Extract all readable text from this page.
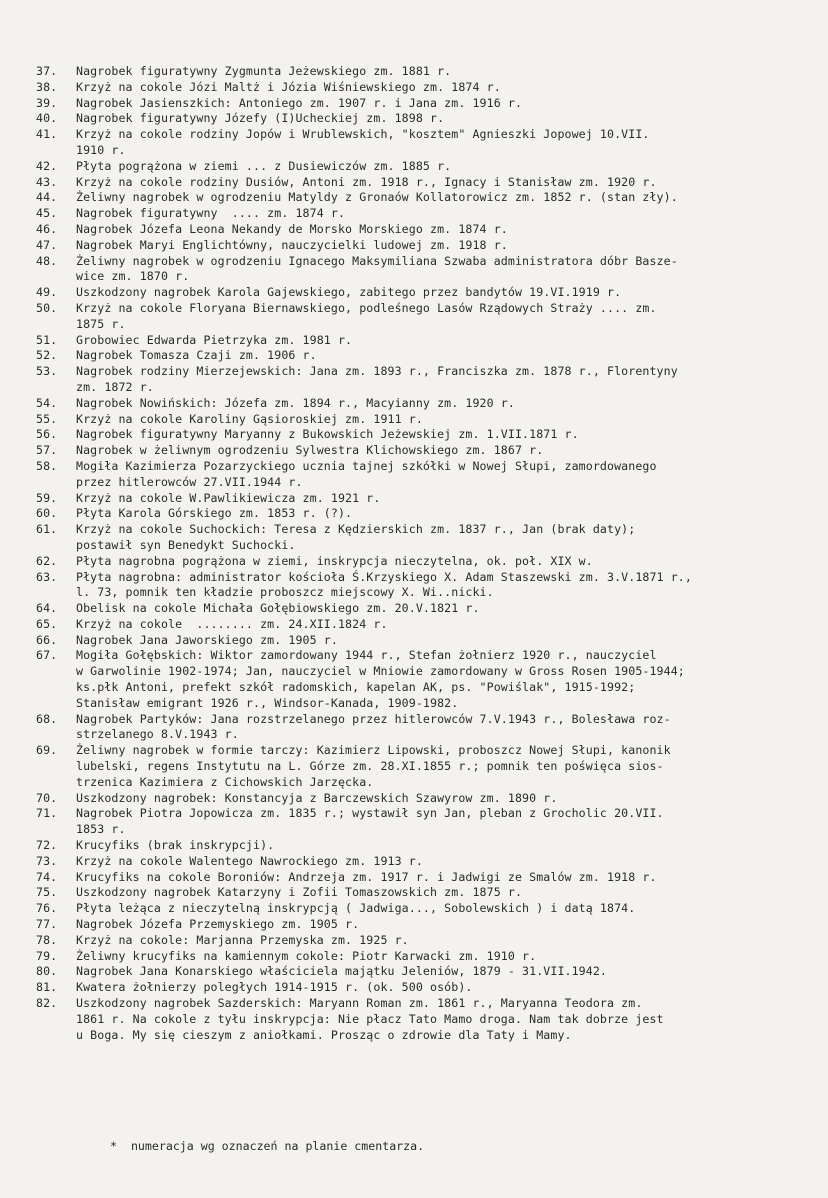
37.	Nagrobek figuratywny Zygmunta Jeżewskiego zm. 1881 r.
38.	Krzyż na cokole Józi Maltż i Józia Wiśniewskiego zm. 1874 r.
39.	Nagrobek Jasienszkich: Antoniego zm. 1907 r. i Jana zm. 1916 r.
40.	Nagrobek figuratywny Józefy (I)Ucheckiej zm. 1898 r.
41.	Krzyż na cokole rodziny Jopów i Wrublewskich, "kosztem" Agnieszki Jopowej 10.VII.
1910 r.
42.	Płyta pogrążona w ziemi ... z Dusiewiczów zm. 1885 r.
43.	Krzyż na cokole rodziny Dusiów, Antoni zm. 1918 r., Ignacy i Stanisław zm. 1920 r.
44.	Żeliwny nagrobek w ogrodzeniu Matyldy z Gronaów Kollatorowicz zm. 1852 r. (stan zły).
45.	Nagrobek figuratywny  .... zm. 1874 r.
46.	Nagrobek Józefa Leona Nekandy de Morsko Morskiego zm. 1874 r.
47.	Nagrobek Maryi Englichtówny, nauczycielki ludowej zm. 1918 r.
48.	Żeliwny nagrobek w ogrodzeniu Ignacego Maksymiliana Szwaba administratora dóbr Basze-
wice zm. 1870 r.
49.	Uszkodzony nagrobek Karola Gajewskiego, zabitego przez bandytów 19.VI.1919 r.
50.	Krzyż na cokole Floryana Biernawskiego, podleśnego Lasów Rządowych Straży .... zm.
1875 r.
51.	Grobowiec Edwarda Pietrzyka zm. 1981 r.
52.	Nagrobek Tomasza Czaji zm. 1906 r.
53.	Nagrobek rodziny Mierzejewskich: Jana zm. 1893 r., Franciszka zm. 1878 r., Florentyny
zm. 1872 r.
54.	Nagrobek Nowińskich: Józefa zm. 1894 r., Macyianny zm. 1920 r.
55.	Krzyż na cokole Karoliny Gąsioroskiej zm. 1911 r.
56.	Nagrobek figuratywny Maryanny z Bukowskich Jeżewskiej zm. 1.VII.1871 r.
57.	Nagrobek w żeliwnym ogrodzeniu Sylwestra Klichowskiego zm. 1867 r.
58.	Mogiła Kazimierza Pozarzyckiego ucznia tajnej szkółki w Nowej Słupi, zamordowanego
przez hitlerowców 27.VII.1944 r.
59.	Krzyż na cokole W.Pawlikiewicza zm. 1921 r.
60.	Płyta Karola Górskiego zm. 1853 r. (?).
61.	Krzyż na cokole Suchockich: Teresa z Kędzierskich zm. 1837 r., Jan (brak daty);
postawił syn Benedykt Suchocki.
62.	Płyta nagrobna pogrążona w ziemi, inskrypcja nieczytelna, ok. poł. XIX w.
63.	Płyta nagrobna: administrator kościoła Ś.Krzyskiego X. Adam Staszewski zm. 3.V.1871 r.,
l. 73, pomnik ten kładzie proboszcz miejscowy X. Wi..nicki.
64.	Obelisk na cokole Michała Gołębiowskiego zm. 20.V.1821 r.
65.	Krzyż na cokole  ........ zm. 24.XII.1824 r.
66.	Nagrobek Jana Jaworskiego zm. 1905 r.
67.	Mogiła Gołębskich: Wiktor zamordowany 1944 r., Stefan żołnierz 1920 r., nauczyciel
w Garwolinie 1902-1974; Jan, nauczyciel w Mniowie zamordowany w Gross Rosen 1905-1944;
ks.płk Antoni, prefekt szkół radomskich, kapelan AK, ps. "Powiślak", 1915-1992;
Stanisław emigrant 1926 r., Windsor-Kanada, 1909-1982.
68.	Nagrobek Partyków: Jana rozstrzelanego przez hitlerowców 7.V.1943 r., Bolesława roz-
strzelanego 8.V.1943 r.
69.	Żeliwny nagrobek w formie tarczy: Kazimierz Lipowski, proboszcz Nowej Słupi, kanonik
lubelski, regens Instytutu na L. Górze zm. 28.XI.1855 r.; pomnik ten poświęca sios-
trzenica Kazimiera z Cichowskich Jarzęcka.
70.	Uszkodzony nagrobek: Konstancyja z Barczewskich Szawyrow zm. 1890 r.
71.	Nagrobek Piotra Jopowicza zm. 1835 r.; wystawił syn Jan, pleban z Grocholic 20.VII.
1853 r.
72.	Krucyfiks (brak inskrypcji).
73.	Krzyż na cokole Walentego Nawrockiego zm. 1913 r.
74.	Krucyfiks na cokole Boroniów: Andrzeja zm. 1917 r. i Jadwigi ze Smalów zm. 1918 r.
75.	Uszkodzony nagrobek Katarzyny i Zofii Tomaszowskich zm. 1875 r.
76.	Płyta leżąca z nieczytelną inskrypcją ( Jadwiga..., Sobolewskich ) i datą 1874.
77.	Nagrobek Józefa Przemyskiego zm. 1905 r.
78.	Krzyż na cokole: Marjanna Przemyska zm. 1925 r.
79.	Żeliwny krucyfiks na kamiennym cokole: Piotr Karwacki zm. 1910 r.
80.	Nagrobek Jana Konarskiego właściciela majątku Jeleniów, 1879 - 31.VII.1942.
81.	Kwatera żołnierzy poległych 1914-1915 r. (ok. 500 osób).
82.	Uszkodzony nagrobek Sazderskich: Maryann Roman zm. 1861 r., Maryanna Teodora zm.
1861 r. Na cokole z tyłu inskrypcja: Nie płacz Tato Mamo droga. Nam tak dobrze jest
u Boga. My się cieszym z aniołkami. Prosząc o zdrowie dla Taty i Mamy.
*  numeracja wg oznaczeń na planie cmentarza.
